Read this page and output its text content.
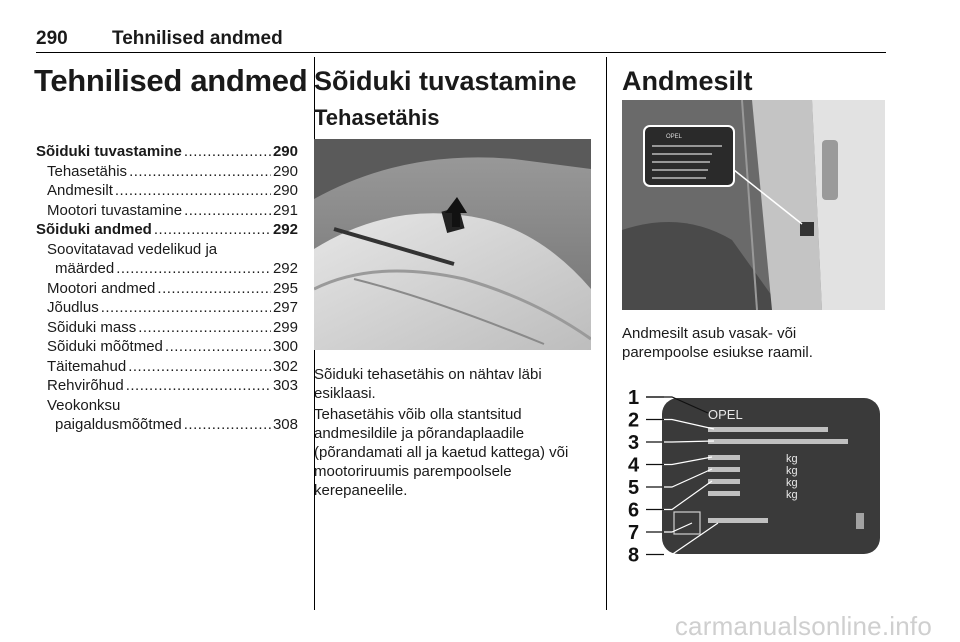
290 Tehnilised andmed
Tehnilised andmed
Sõiduki tuvastamine .....	290
Tehasetähis .....	290
Andmesilt .....	290
Mootori tuvastamine .....	291
Sõiduki andmed .....	292
Soovitatavad vedelikud ja
määrded .....	292
Mootori andmed .....	295
Jõudlus .....	297
Sõiduki mass .....	299
Sõiduki mõõtmed .....	300
Täitemahud .....	302
Rehvirõhud .....	303
Veokonksu
paigaldusmõõtmed .....	308
Sõiduki tuvastamine
Tehasetähis
Sõiduki tehasetähis on nähtav läbi esiklaasi.
Tehasetähis võib olla stantsitud andmesildile ja põrandaplaadile (põrandamati all ja kaetud kattega) või mootoriruumis parempoolsele kerepaneelile.
Andmesilt
OPEL
Andmesilt asub vasak- või parempoolse esiukse raamil.
OPEL
kg
kg
kg
kg
1
2
3
4
5
6
7
8
carmanualsonline.info
